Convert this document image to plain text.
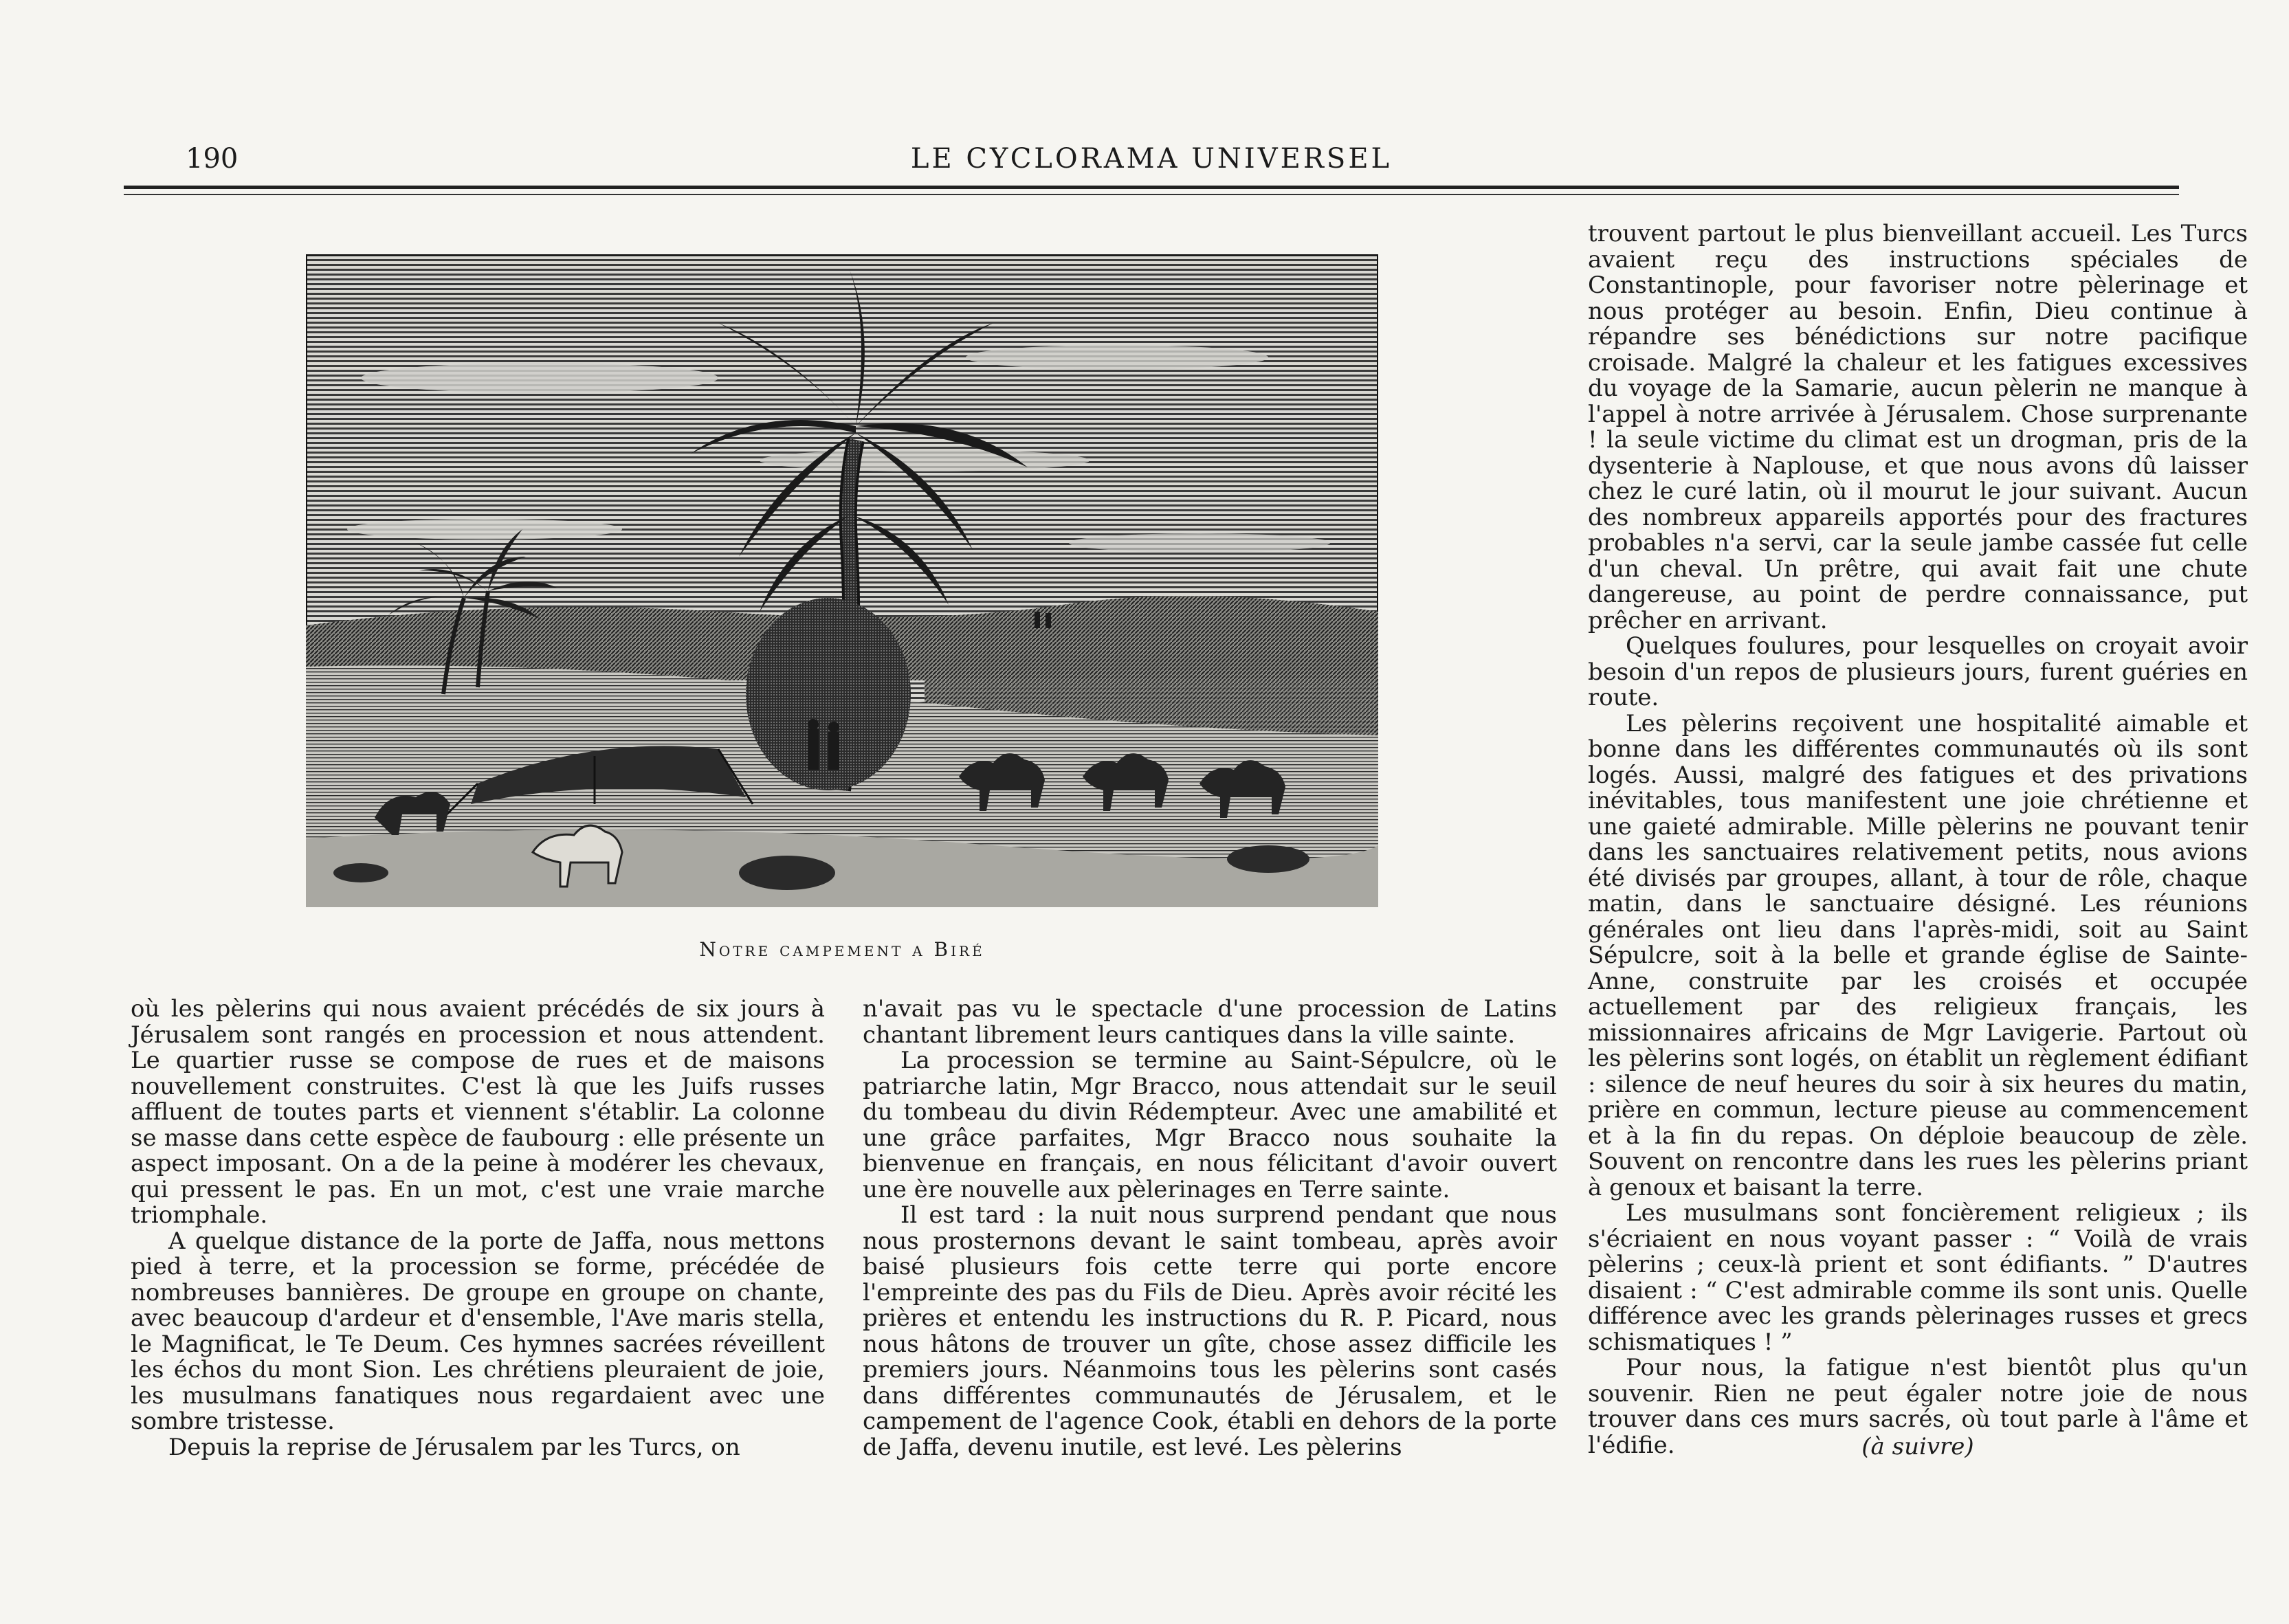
190	LE CYCLORAMA UNIVERSEL
Notre campement a Biré

où les pèlerins qui nous avaient précédés de six jours à Jérusalem sont rangés en procession et nous attendent. Le quartier russe se compose de rues et de maisons nouvellement construites. C'est là que les Juifs russes affluent de toutes parts et viennent s'établir. La colonne se masse dans cette espèce de faubourg : elle présente un aspect imposant. On a de la peine à modérer les chevaux, qui pressent le pas. En un mot, c'est une vraie marche triomphale.

A quelque distance de la porte de Jaffa, nous mettons pied à terre, et la procession se forme, précédée de nombreuses bannières. De groupe en groupe on chante, avec beaucoup d'ardeur et d'ensemble, l'Ave maris stella, le Magnificat, le Te Deum. Ces hymnes sacrées réveillent les échos du mont Sion. Les chrétiens pleuraient de joie, les musulmans fanatiques nous regardaient avec une sombre tristesse.

Depuis la reprise de Jérusalem par les Turcs, on

n'avait pas vu le spectacle d'une procession de Latins chantant librement leurs cantiques dans la ville sainte.

La procession se termine au Saint-Sépulcre, où le patriarche latin, Mgr Bracco, nous attendait sur le seuil du tombeau du divin Rédempteur. Avec une amabilité et une grâce parfaites, Mgr Bracco nous souhaite la bienvenue en français, en nous félicitant d'avoir ouvert une ère nouvelle aux pèlerinages en Terre sainte.

Il est tard : la nuit nous surprend pendant que nous nous prosternons devant le saint tombeau, après avoir baisé plusieurs fois cette terre qui porte encore l'empreinte des pas du Fils de Dieu. Après avoir récité les prières et entendu les instructions du R. P. Picard, nous nous hâtons de trouver un gîte, chose assez difficile les premiers jours. Néanmoins tous les pèlerins sont casés dans différentes communautés de Jérusalem, et le campement de l'agence Cook, établi en dehors de la porte de Jaffa, devenu inutile, est levé. Les pèlerins

trouvent partout le plus bienveillant accueil. Les Turcs avaient reçu des instructions spéciales de Constantinople, pour favoriser notre pèlerinage et nous protéger au besoin. Enfin, Dieu continue à répandre ses bénédictions sur notre pacifique croisade. Malgré la chaleur et les fatigues excessives du voyage de la Samarie, aucun pèlerin ne manque à l'appel à notre arrivée à Jérusalem. Chose surprenante ! la seule victime du climat est un drogman, pris de la dysenterie à Naplouse, et que nous avons dû laisser chez le curé latin, où il mourut le jour suivant. Aucun des nombreux appareils apportés pour des fractures probables n'a servi, car la seule jambe cassée fut celle d'un cheval. Un prêtre, qui avait fait une chute dangereuse, au point de perdre connaissance, put prêcher en arrivant.

Quelques foulures, pour lesquelles on croyait avoir besoin d'un repos de plusieurs jours, furent guéries en route.

Les pèlerins reçoivent une hospitalité aimable et bonne dans les différentes communautés où ils sont logés. Aussi, malgré des fatigues et des privations inévitables, tous manifestent une joie chrétienne et une gaieté admirable. Mille pèlerins ne pouvant tenir dans les sanctuaires relativement petits, nous avions été divisés par groupes, allant, à tour de rôle, chaque matin, dans le sanctuaire désigné. Les réunions générales ont lieu dans l'après-midi, soit au Saint Sépulcre, soit à la belle et grande église de Sainte-Anne, construite par les croisés et occupée actuellement par des religieux français, les missionnaires africains de Mgr Lavigerie. Partout où les pèlerins sont logés, on établit un règlement édifiant : silence de neuf heures du soir à six heures du matin, prière en commun, lecture pieuse au commencement et à la fin du repas. On déploie beaucoup de zèle. Souvent on rencontre dans les rues les pèlerins priant à genoux et baisant la terre.

Les musulmans sont foncièrement religieux ; ils s'écriaient en nous voyant passer : “ Voilà de vrais pèlerins ; ceux-là prient et sont édifiants. ” D'autres disaient : “ C'est admirable comme ils sont unis. Quelle différence avec les grands pèlerinages russes et grecs schismatiques ! ”

Pour nous, la fatigue n'est bientôt plus qu'un souvenir. Rien ne peut égaler notre joie de nous trouver dans ces murs sacrés, où tout parle à l'âme et l'édifie.	(à suivre)
